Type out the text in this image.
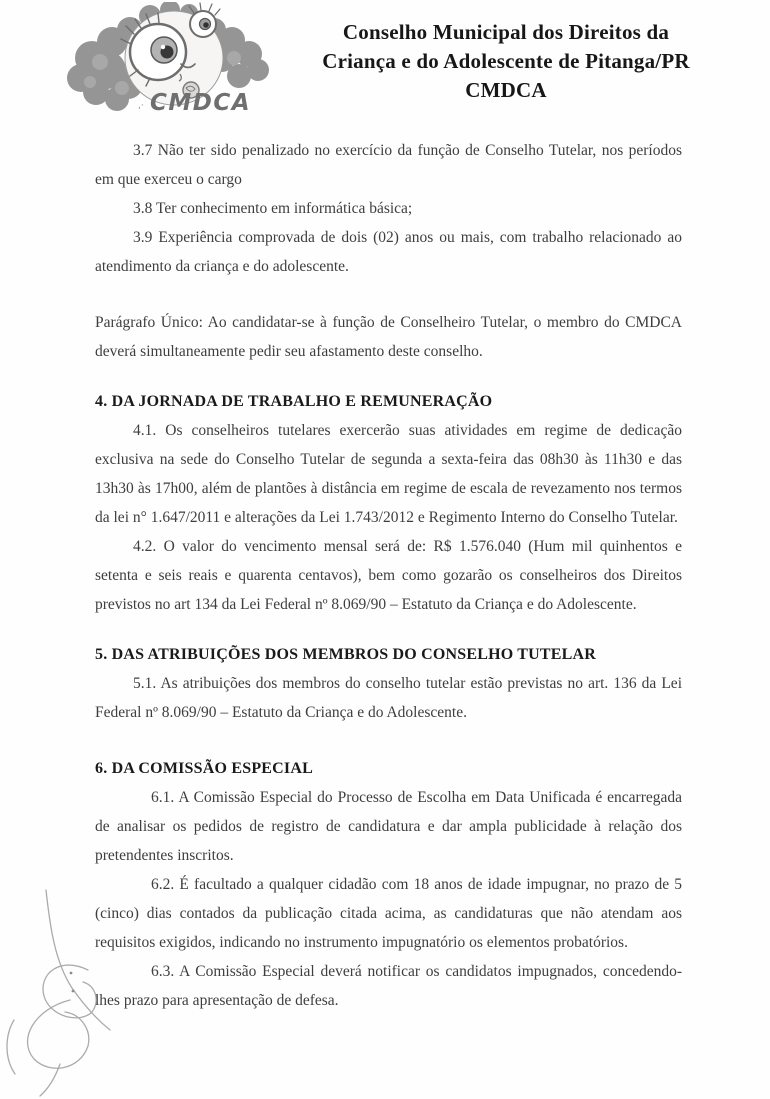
,· CMDCA
Conselho Municipal dos Direitos da
Criança e do Adolescente de Pitanga/PR
CMDCA

3.7 Não ter sido penalizado no exercício da função de Conselho Tutelar, nos períodos em que exerceu o cargo

3.8 Ter conhecimento em informática básica;

3.9 Experiência comprovada de dois (02) anos ou mais, com trabalho relacionado ao atendimento da criança e do adolescente.

Parágrafo Único: Ao candidatar-se à função de Conselheiro Tutelar, o membro do CMDCA deverá simultaneamente pedir seu afastamento deste conselho.

4. DA JORNADA DE TRABALHO E REMUNERAÇÃO

4.1. Os conselheiros tutelares exercerão suas atividades em regime de dedicação exclusiva na sede do Conselho Tutelar de segunda a sexta-feira das 08h30 às 11h30 e das 13h30 às 17h00, além de plantões à distância em regime de escala de revezamento nos termos da lei n° 1.647/2011 e alterações da Lei 1.743/2012 e Regimento Interno do Conselho Tutelar.

4.2. O valor do vencimento mensal será de: R$ 1.576.040 (Hum mil quinhentos e setenta e seis reais e quarenta centavos), bem como gozarão os conselheiros dos Direitos previstos no art 134 da Lei Federal nº 8.069/90 – Estatuto da Criança e do Adolescente.

5. DAS ATRIBUIÇÕES DOS MEMBROS DO CONSELHO TUTELAR

5.1. As atribuições dos membros do conselho tutelar estão previstas no art. 136 da Lei Federal nº 8.069/90 – Estatuto da Criança e do Adolescente.

6. DA COMISSÃO ESPECIAL

6.1. A Comissão Especial do Processo de Escolha em Data Unificada é encarregada de analisar os pedidos de registro de candidatura e dar ampla publicidade à relação dos pretendentes inscritos.

6.2. É facultado a qualquer cidadão com 18 anos de idade impugnar, no prazo de 5 (cinco) dias contados da publicação citada acima, as candidaturas que não atendam aos requisitos exigidos, indicando no instrumento impugnatório os elementos probatórios.

6.3. A Comissão Especial deverá notificar os candidatos impugnados, concedendo-lhes prazo para apresentação de defesa.
